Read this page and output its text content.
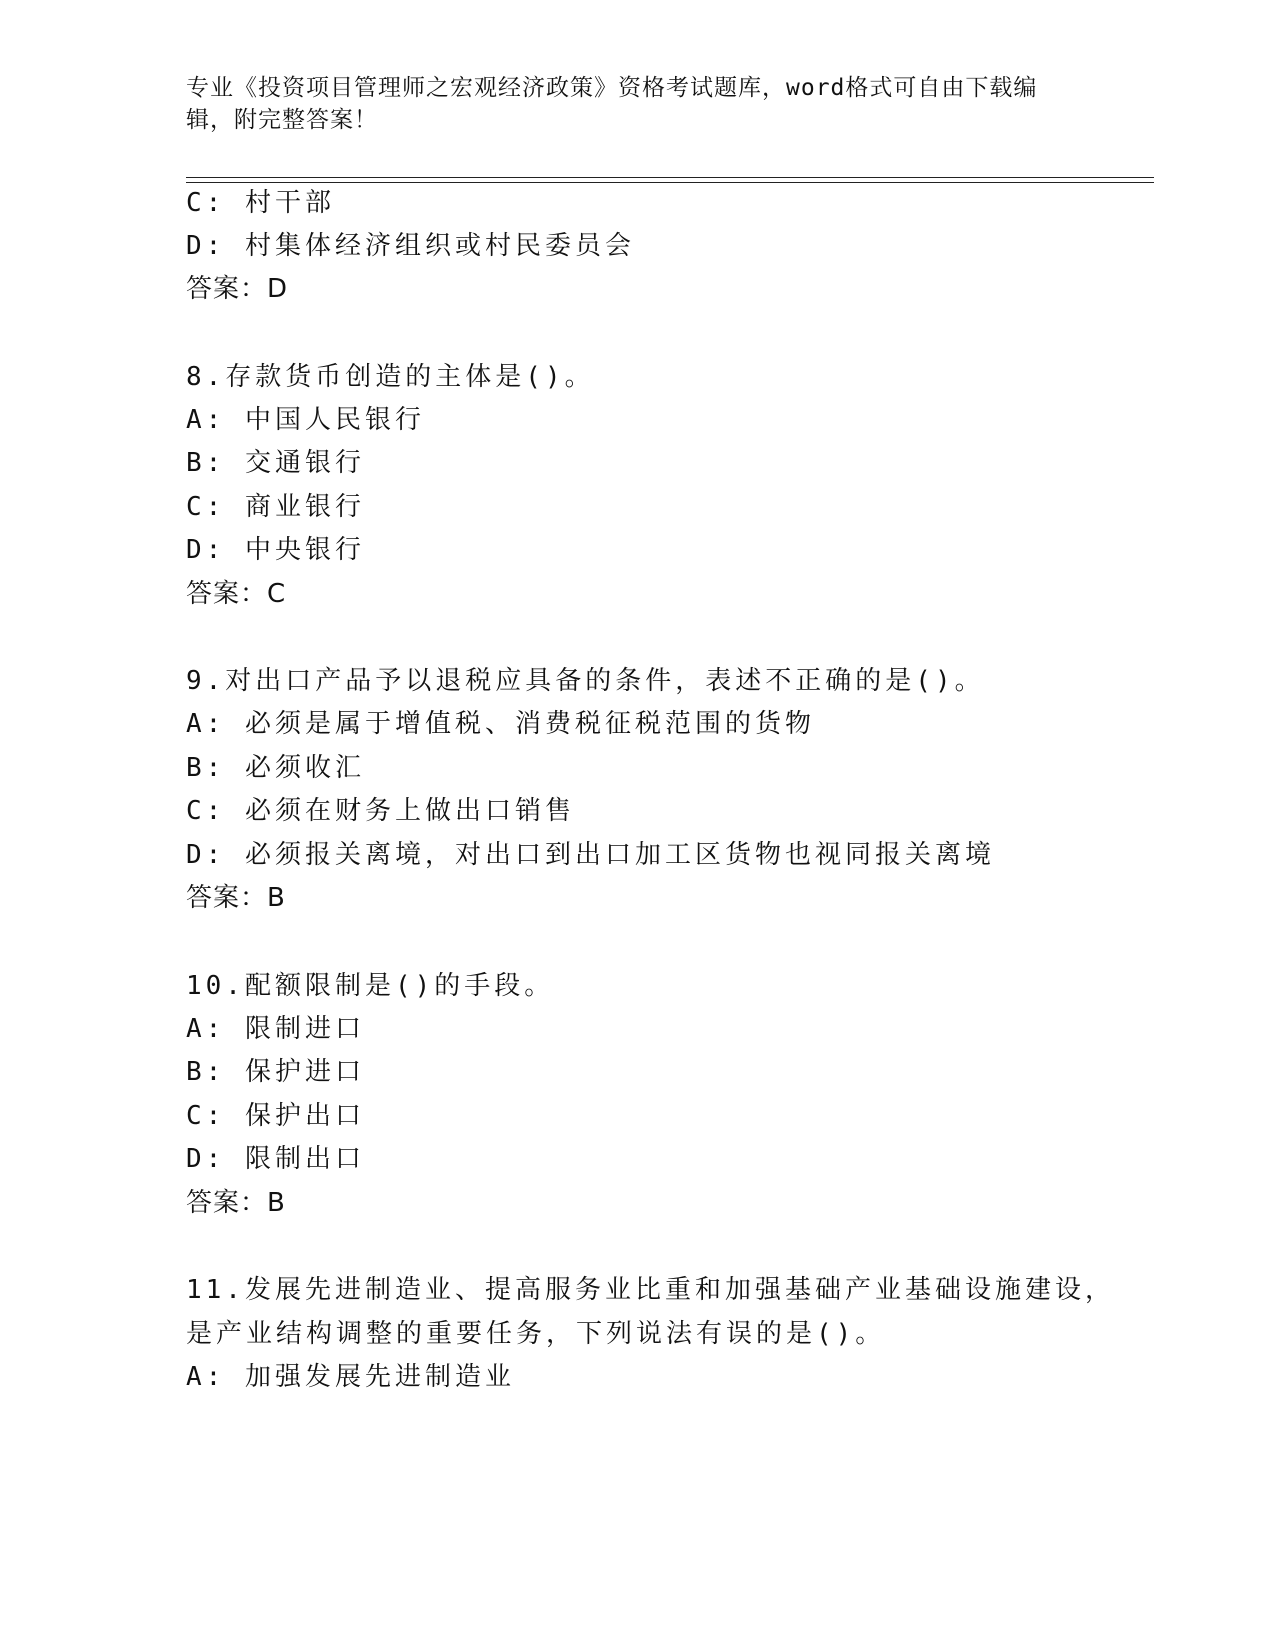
专业《投资项目管理师之宏观经济政策》资格考试题库，word格式可自由下载编

辑，附完整答案！

C: 村干部
D: 村集体经济组织或村民委员会
答案：D
8.存款货币创造的主体是()。
A: 中国人民银行
B: 交通银行
C: 商业银行
D: 中央银行
答案：C
9.对出口产品予以退税应具备的条件，表述不正确的是()。
A: 必须是属于增值税、消费税征税范围的货物
B: 必须收汇
C: 必须在财务上做出口销售
D: 必须报关离境，对出口到出口加工区货物也视同报关离境
答案：B
10.配额限制是()的手段。
A: 限制进口
B: 保护进口
C: 保护出口
D: 限制出口
答案：B
11.发展先进制造业、提高服务业比重和加强基础产业基础设施建设，
是产业结构调整的重要任务，下列说法有误的是()。
A: 加强发展先进制造业
